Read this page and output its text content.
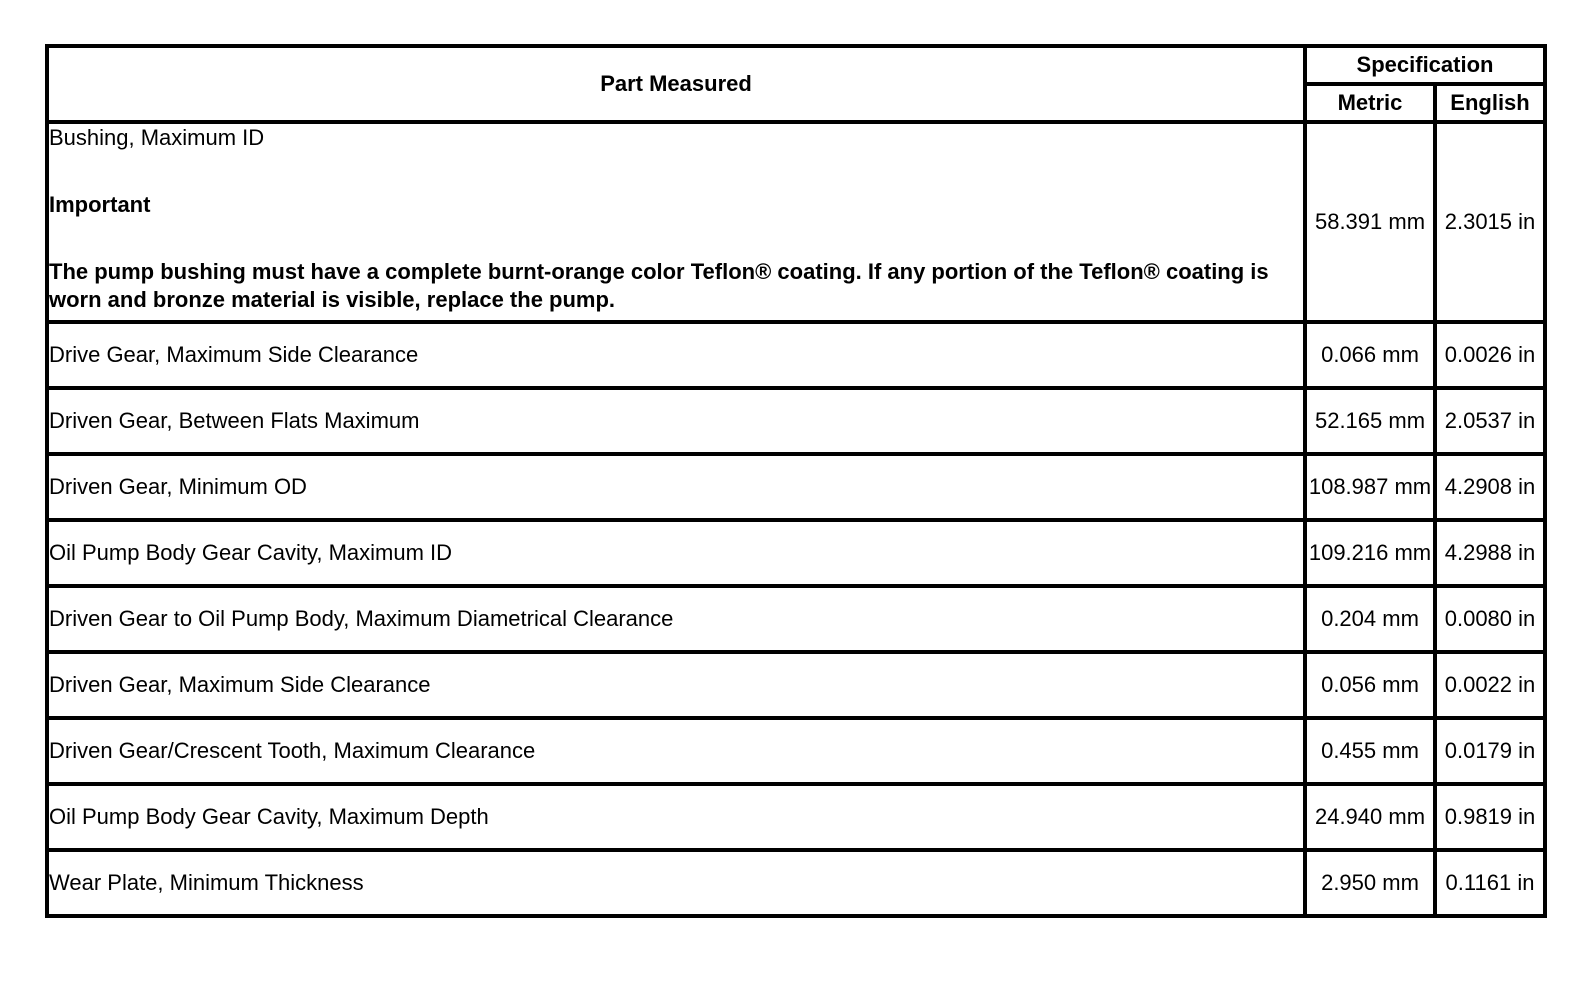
Part Measured	Specification	
	Metric	English

Bushing, Maximum ID
Important
The pump bushing must have a complete burnt-orange color Teflon® coating. If any portion of the Teflon® coating is worn and bronze material is visible, replace the pump.	58.391 mm	2.3015 in
Drive Gear, Maximum Side Clearance	0.066 mm	0.0026 in
Driven Gear, Between Flats Maximum	52.165 mm	2.0537 in
Driven Gear, Minimum OD	108.987 mm	4.2908 in
Oil Pump Body Gear Cavity, Maximum ID	109.216 mm	4.2988 in
Driven Gear to Oil Pump Body, Maximum Diametrical Clearance	0.204 mm	0.0080 in
Driven Gear, Maximum Side Clearance	0.056 mm	0.0022 in
Driven Gear/Crescent Tooth, Maximum Clearance	0.455 mm	0.0179 in
Oil Pump Body Gear Cavity, Maximum Depth	24.940 mm	0.9819 in
Wear Plate, Minimum Thickness	2.950 mm	0.1161 in
